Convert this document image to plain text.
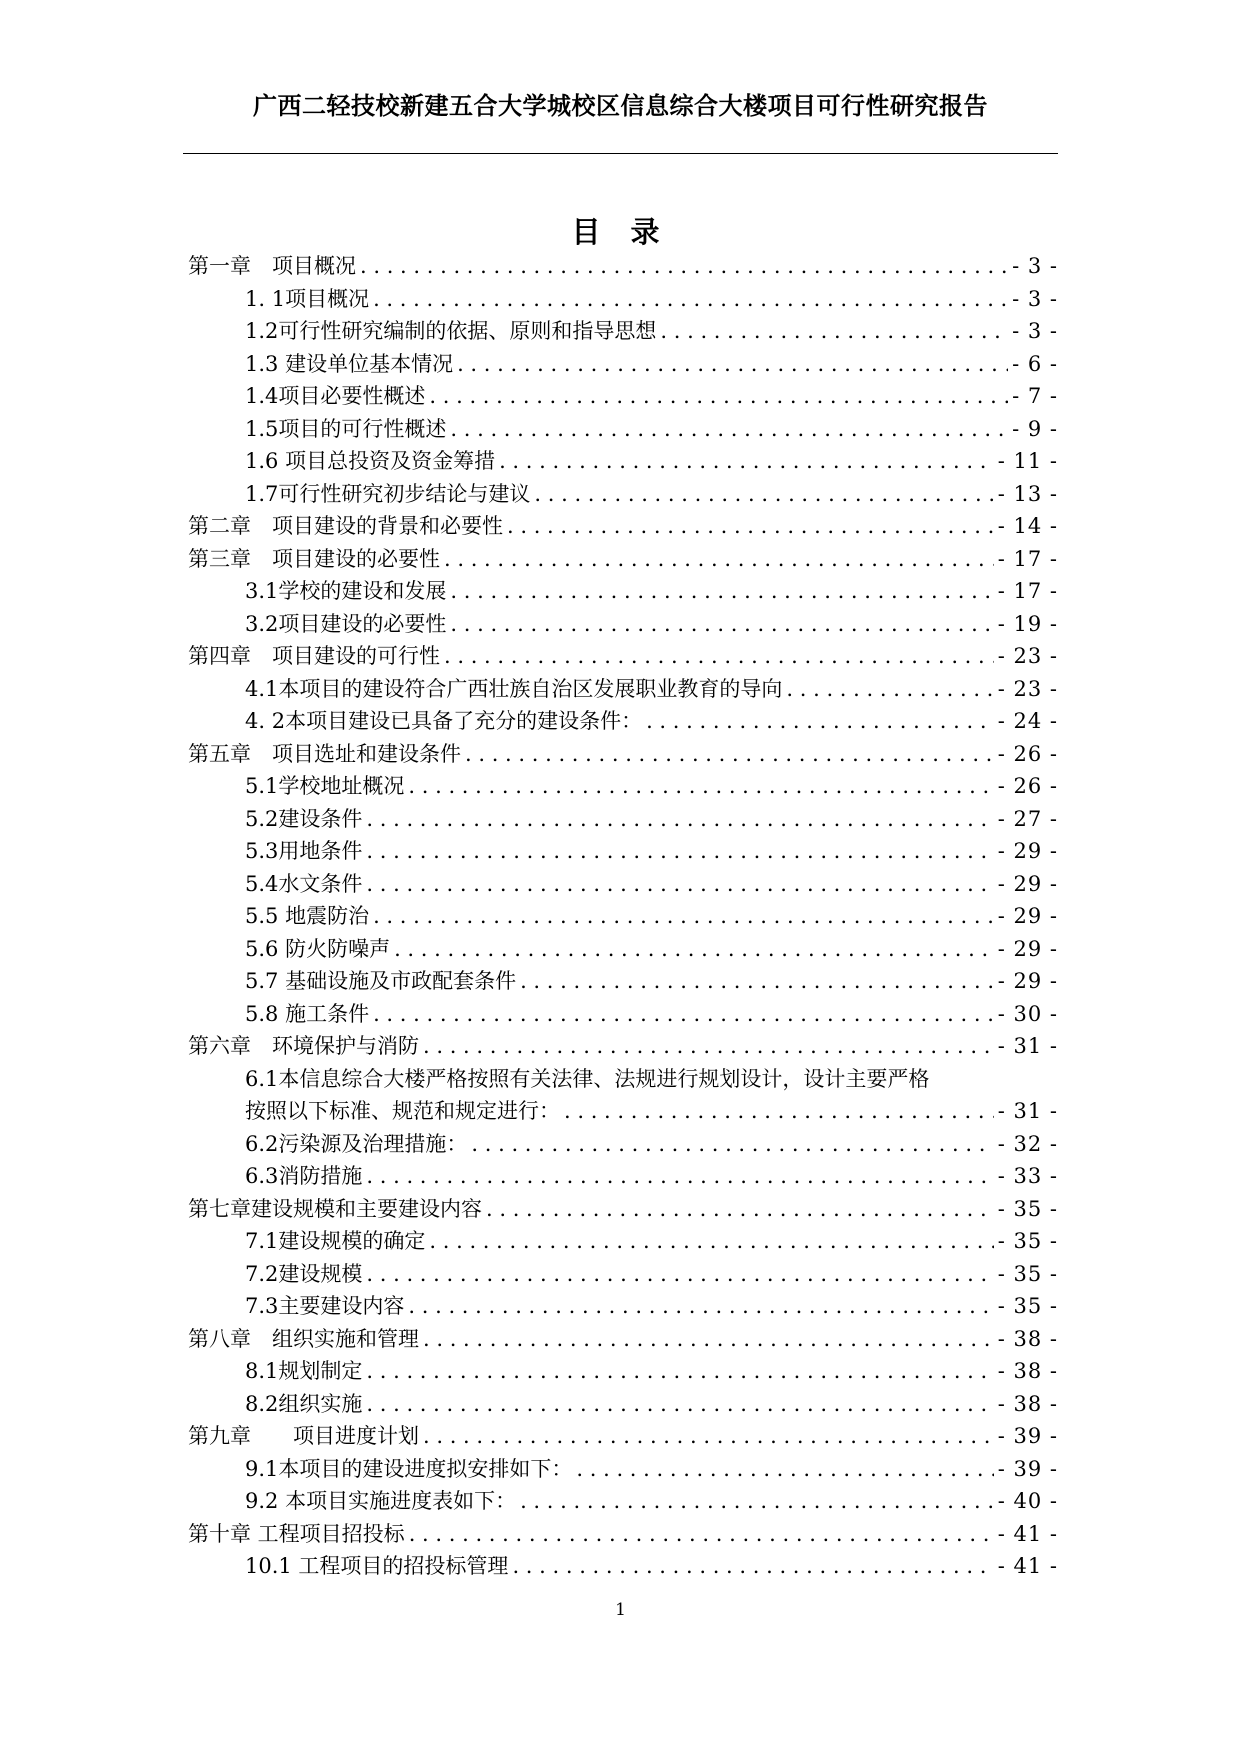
广西二轻技校新建五合大学城校区信息综合大楼项目可行性研究报告
目 录
第一章　项目概况 . . .	- 3 -
1. 1项目概况 . . .	- 3 -
1.2可行性研究编制的依据、原则和指导思想 . . .	- 3 -
1.3 建设单位基本情况 . . .	- 6 -
1.4项目必要性概述 . . .	- 7 -
1.5项目的可行性概述 . . .	- 9 -
1.6 项目总投资及资金筹措 . . .	- 11 -
1.7可行性研究初步结论与建议 . . .	- 13 -
第二章　项目建设的背景和必要性 . . .	- 14 -
第三章　项目建设的必要性 . . .	- 17 -
3.1学校的建设和发展 . . .	- 17 -
3.2项目建设的必要性 . . .	- 19 -
第四章　项目建设的可行性 . . .	- 23 -
4.1本项目的建设符合广西壮族自治区发展职业教育的导向 . . .	- 23 -
4. 2本项目建设已具备了充分的建设条件： . . .	- 24 -
第五章　项目选址和建设条件 . . .	- 26 -
5.1学校地址概况 . . .	- 26 -
5.2建设条件 . . .	- 27 -
5.3用地条件 . . .	- 29 -
5.4水文条件 . . .	- 29 -
5.5 地震防治 . . .	- 29 -
5.6 防火防噪声 . . .	- 29 -
5.7 基础设施及市政配套条件 . . .	- 29 -
5.8 施工条件 . . .	- 30 -
第六章　环境保护与消防 . . .	- 31 -
6.1本信息综合大楼严格按照有关法律、法规进行规划设计，设计主要严格
按照以下标准、规范和规定进行： . . .	- 31 -
6.2污染源及治理措施： . . .	- 32 -
6.3消防措施 . . .	- 33 -
第七章建设规模和主要建设内容 . . .	- 35 -
7.1建设规模的确定 . . .	- 35 -
7.2建设规模 . . .	- 35 -
7.3主要建设内容 . . .	- 35 -
第八章　组织实施和管理 . . .	- 38 -
8.1规划制定 . . .	- 38 -
8.2组织实施 . . .	- 38 -
第九章　　项目进度计划 . . .	- 39 -
9.1本项目的建设进度拟安排如下： . . .	- 39 -
9.2 本项目实施进度表如下： . . .	- 40 -
第十章 工程项目招投标 . . .	- 41 -
10.1 工程项目的招投标管理 . . .	- 41 -
1
